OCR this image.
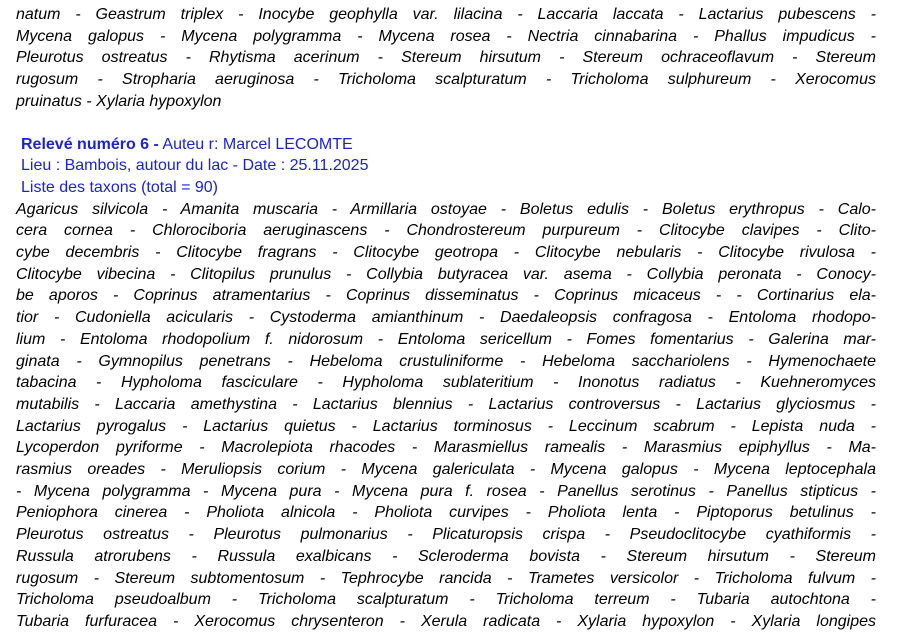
natum - Geastrum triplex - Inocybe geophylla var. lilacina - Laccaria laccata - Lactarius pubescens -
Mycena galopus - Mycena polygramma - Mycena rosea - Nectria cinnabarina - Phallus impudicus -
Pleurotus ostreatus - Rhytisma acerinum - Stereum hirsutum - Stereum ochraceoflavum - Stereum
rugosum - Stropharia aeruginosa - Tricholoma scalpturatum - Tricholoma sulphureum - Xerocomus
pruinatus - Xylaria hypoxylon
Relevé numéro 6 - Auteu r: Marcel LECOMTE
Lieu : Bambois, autour du lac - Date : 25.11.2025
Liste des taxons (total = 90)
Agaricus silvicola - Amanita muscaria - Armillaria ostoyae - Boletus edulis - Boletus erythropus - Calo-
cera cornea - Chlorociboria aeruginascens - Chondrostereum purpureum - Clitocybe clavipes - Clito-
cybe decembris - Clitocybe fragrans - Clitocybe geotropa - Clitocybe nebularis - Clitocybe rivulosa -
Clitocybe vibecina - Clitopilus prunulus - Collybia butyracea var. asema - Collybia peronata - Conocy-
be aporos - Coprinus atramentarius - Coprinus disseminatus - Coprinus micaceus - - Cortinarius ela-
tior - Cudoniella acicularis - Cystoderma amianthinum - Daedaleopsis confragosa - Entoloma rhodopo-
lium - Entoloma rhodopolium f. nidorosum - Entoloma sericellum - Fomes fomentarius - Galerina mar-
ginata - Gymnopilus penetrans - Hebeloma crustuliniforme - Hebeloma sacchariolens - Hymenochaete
tabacina - Hypholoma fasciculare - Hypholoma sublateritium - Inonotus radiatus - Kuehneromyces
mutabilis - Laccaria amethystina - Lactarius blennius - Lactarius controversus - Lactarius glyciosmus -
Lactarius pyrogalus - Lactarius quietus - Lactarius torminosus - Leccinum scabrum - Lepista nuda -
Lycoperdon pyriforme - Macrolepiota rhacodes - Marasmiellus ramealis - Marasmius epiphyllus - Ma-
rasmius oreades - Meruliopsis corium - Mycena galericulata - Mycena galopus - Mycena leptocephala
- Mycena polygramma - Mycena pura - Mycena pura f. rosea - Panellus serotinus - Panellus stipticus -
Peniophora cinerea - Pholiota alnicola - Pholiota curvipes - Pholiota lenta - Piptoporus betulinus -
Pleurotus ostreatus - Pleurotus pulmonarius - Plicaturopsis crispa - Pseudoclitocybe cyathiformis -
Russula atrorubens - Russula exalbicans - Scleroderma bovista - Stereum hirsutum - Stereum
rugosum - Stereum subtomentosum - Tephrocybe rancida - Trametes versicolor - Tricholoma fulvum -
Tricholoma pseudoalbum - Tricholoma scalpturatum - Tricholoma terreum - Tubaria autochtona -
Tubaria furfuracea - Xerocomus chrysenteron - Xerula radicata - Xylaria hypoxylon - Xylaria longipes
